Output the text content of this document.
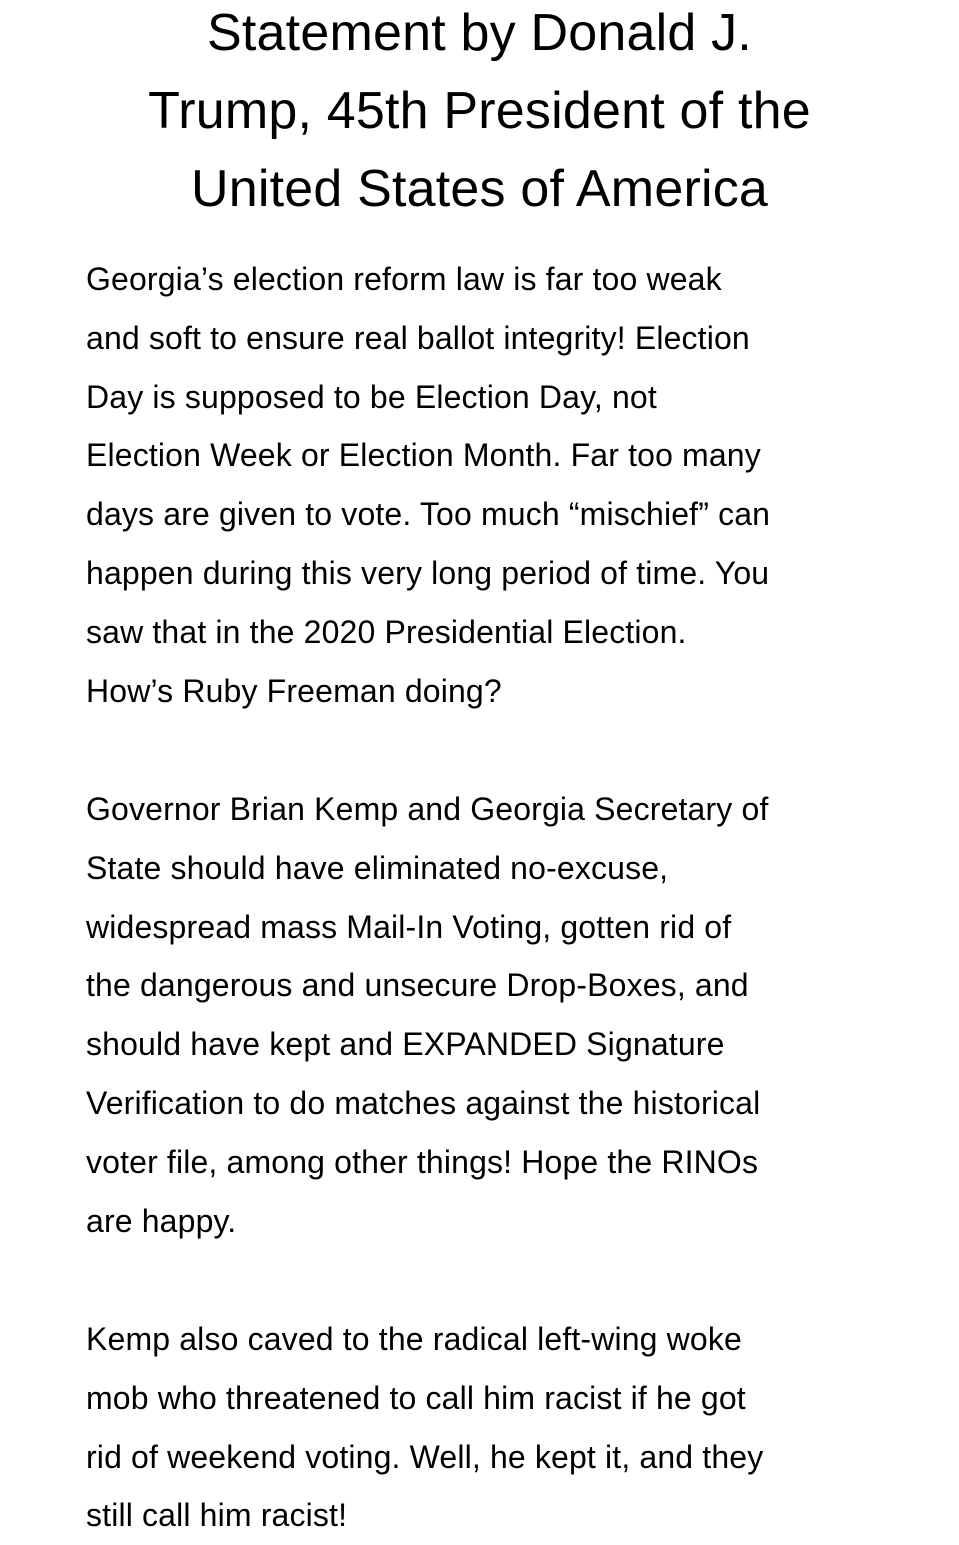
Statement by Donald J.
Trump, 45th President of the
United States of America

Georgia’s election reform law is far too weak
and soft to ensure real ballot integrity! Election
Day is supposed to be Election Day, not
Election Week or Election Month. Far too many
days are given to vote. Too much “mischief” can
happen during this very long period of time. You
saw that in the 2020 Presidential Election.
How’s Ruby Freeman doing?

Governor Brian Kemp and Georgia Secretary of
State should have eliminated no-excuse,
widespread mass Mail-In Voting, gotten rid of
the dangerous and unsecure Drop-Boxes, and
should have kept and EXPANDED Signature
Verification to do matches against the historical
voter file, among other things! Hope the RINOs
are happy.

Kemp also caved to the radical left-wing woke
mob who threatened to call him racist if he got
rid of weekend voting. Well, he kept it, and they
still call him racist!
